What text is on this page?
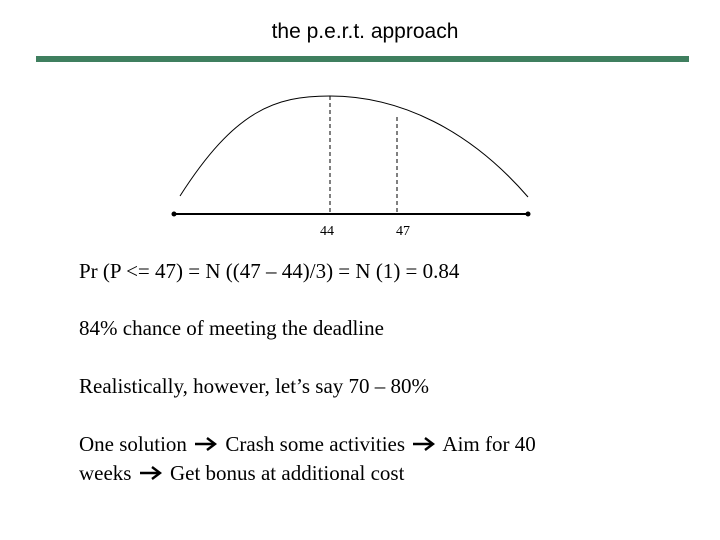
the p.e.r.t. approach
44	47
Pr (P <= 47) = N ((47 – 44)/3) = N (1) = 0.84
84% chance of meeting the deadline
Realistically, however, let’s say 70 – 80%
One solution Crash some activities Aim for 40
weeks Get bonus at additional cost
